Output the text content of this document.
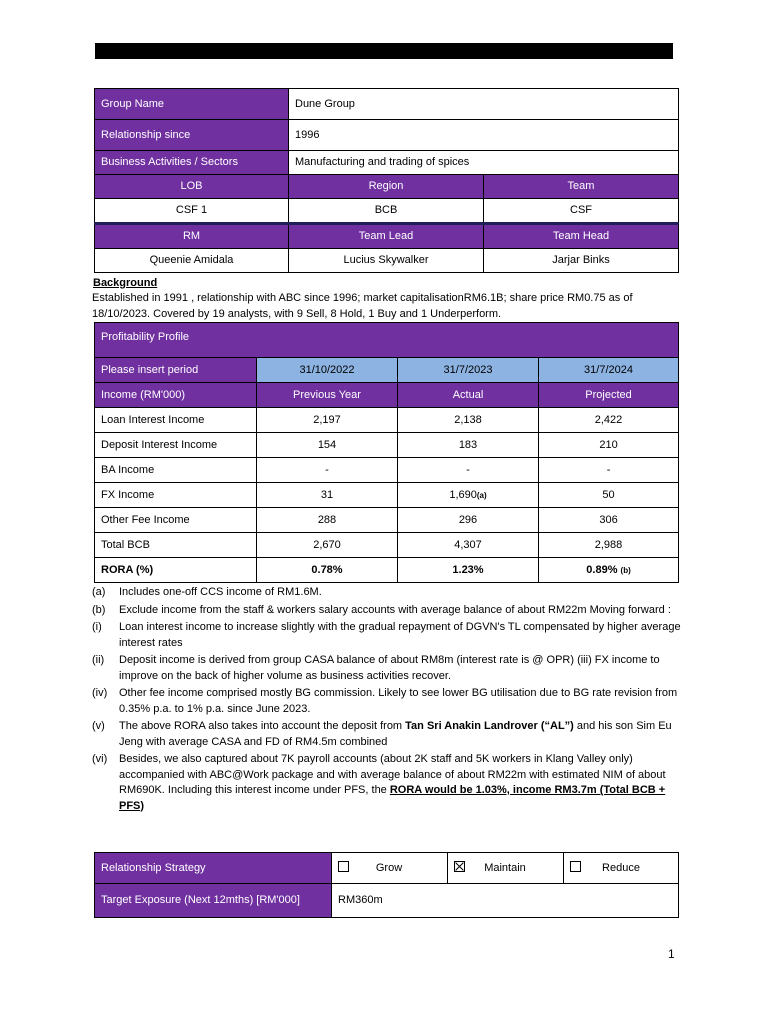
Group Name	Dune Group	
Relationship since	1996	
Business Activities / Sectors	Manufacturing and trading of spices	
LOB	Region	Team
CSF 1	BCB	CSF
RM	Team Lead	Team Head
Queenie Amidala	Lucius Skywalker	Jarjar Binks
Background
Established in 1991 , relationship with ABC since 1996; market capitalisationRM6.1B; share price RM0.75 as of 18/10/2023. Covered by 19 analysts, with 9 Sell, 8 Hold, 1 Buy and 1 Underperform.
Profitability Profile			
Please insert period	31/10/2022	31/7/2023	31/7/2024
Income (RM'000)	Previous Year	Actual	Projected
Loan Interest Income	2,197	2,138	2,422
Deposit Interest Income	154	183	210
BA Income	-	-	-
FX Income	31	1,690(a)	50
Other Fee Income	288	296	306
Total BCB	2,670	4,307	2,988
RORA (%)	0.78%	1.23%	0.89% (b)
(a)	Includes one-off CCS income of RM1.6M.
(b)	Exclude income from the staff & workers salary accounts with average balance of about RM22m Moving forward :
(i)	Loan interest income to increase slightly with the gradual repayment of DGVN's TL compensated by higher average interest rates
(ii)	Deposit income is derived from group CASA balance of about RM8m (interest rate is @ OPR) (iii) FX income to improve on the back of higher volume as business activities recover.
(iv)	Other fee income comprised mostly BG commission. Likely to see lower BG utilisation due to BG rate revision from 0.35% p.a. to 1% p.a. since June 2023.
(v)	The above RORA also takes into account the deposit from Tan Sri Anakin Landrover (“AL”) and his son Sim Eu Jeng with average CASA and FD of RM4.5m combined
(vi)	Besides, we also captured about 7K payroll accounts (about 2K staff and 5K workers in Klang Valley only) accompanied with ABC@Work package and with average balance of about RM22m with estimated NIM of about RM690K. Including this interest income under PFS, the RORA would be 1.03%, income RM3.7m (Total BCB + PFS)
Relationship Strategy	Grow	Maintain	Reduce
Target Exposure (Next 12mths) [RM'000]	RM360m		
1
